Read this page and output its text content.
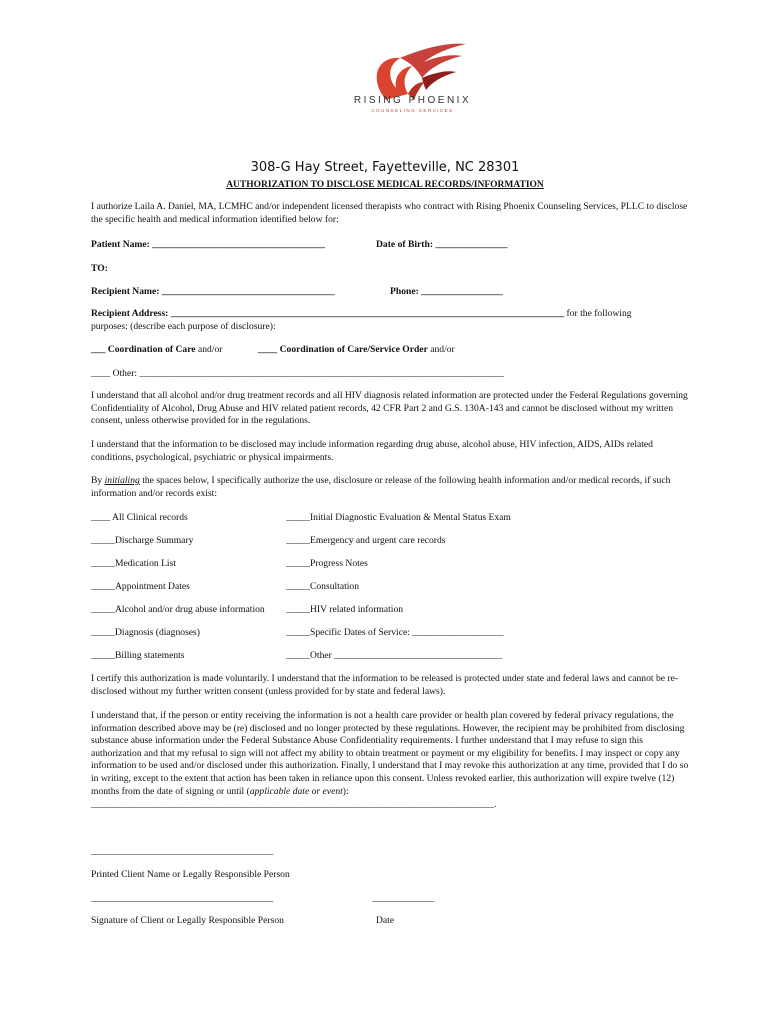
RISING PHOENIX
COUNSELING SERVICES
308-G Hay Street, Fayetteville, NC 28301
AUTHORIZATION TO DISCLOSE MEDICAL RECORDS/INFORMATION
I authorize Laila A. Daniel, MA, LCMHC and/or independent licensed therapists who contract with Rising Phoenix Counseling Services, PLLC to disclose the specific health and medical information identified below for:
Patient Name: ____________________________________	Date of Birth: _______________
TO:
Recipient Name: ____________________________________	Phone: _________________
Recipient Address: __________________________________________________________________________________ for the following
purposes: (describe each purpose of disclosure):
___ Coordination of Care and/or	____ Coordination of Care/Service Order and/or
____ Other: ____________________________________________________________________________
I understand that all alcohol and/or drug treatment records and all HIV diagnosis related information are protected under the Federal Regulations governing Confidentiality of Alcohol, Drug Abuse and HIV related patient records, 42 CFR Part 2 and G.S. 130A-143 and cannot be disclosed without my written consent, unless otherwise provided for in the regulations.
I understand that the information to be disclosed may include information regarding drug abuse, alcohol abuse, HIV infection, AIDS, AIDs related conditions, psychological, psychiatric or physical impairments.
By initialing the spaces below, I specifically authorize the use, disclosure or release of the following health information and/or medical records, if such information and/or records exist:
____ All Clinical records	_____Initial Diagnostic Evaluation & Mental Status Exam
_____Discharge Summary	_____Emergency and urgent care records
_____Medication List	_____Progress Notes
_____Appointment Dates	_____Consultation
_____Alcohol and/or drug abuse information _____HIV related information
_____Diagnosis (diagnoses)	_____Specific Dates of Service: ___________________
_____Billing statements	_____Other ___________________________________
I certify this authorization is made voluntarily. I understand that the information to be released is protected under state and federal laws and cannot be re-disclosed without my further written consent (unless provided for by state and federal laws).
I understand that, if the person or entity receiving the information is not a health care provider or health plan covered by federal privacy regulations, the information described above may be (re) disclosed and no longer protected by these regulations. However, the recipient may be prohibited from disclosing substance abuse information under the Federal Substance Abuse Confidentiality requirements. I further understand that I may refuse to sign this authorization and that my refusal to sign will not affect my ability to obtain treatment or payment or my eligibility for benefits. I may inspect or copy any information to be used and/or disclosed under this authorization. Finally, I understand that I may revoke this authorization at any time, provided that I do so in writing, except to the extent that action has been taken in reliance upon this consent. Unless revoked earlier, this authorization will expire twelve (12) months from the date of signing or until (applicable date or event):
____________________________________________________________________________________.
______________________________________
Printed Client Name or Legally Responsible Person
______________________________________	_____________
Signature of Client or Legally Responsible Person	Date
